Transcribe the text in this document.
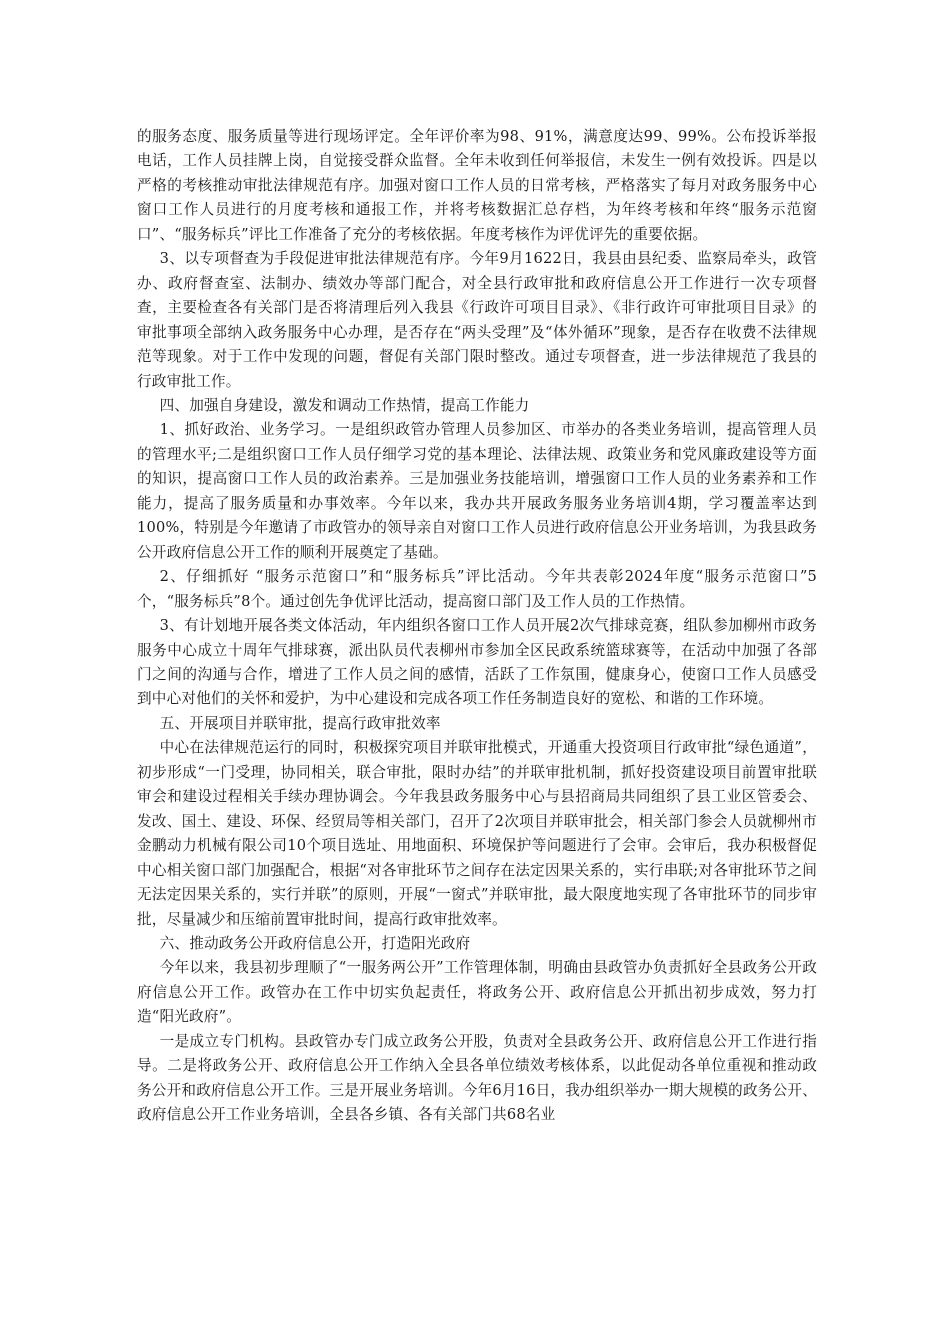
的服务态度、服务质量等进行现场评定。全年评价率为98、91%，满意度达99、99%。公布投诉举报电话，工作人员挂牌上岗，自觉接受群众监督。全年未收到任何举报信，未发生一例有效投诉。四是以严格的考核推动审批法律规范有序。加强对窗口工作人员的日常考核，严格落实了每月对政务服务中心窗口工作人员进行的月度考核和通报工作，并将考核数据汇总存档，为年终考核和年终“服务示范窗口”、“服务标兵”评比工作准备了充分的考核依据。年度考核作为评优评先的重要依据。

3、以专项督查为手段促进审批法律规范有序。今年9月1622日，我县由县纪委、监察局牵头，政管办、政府督查室、法制办、绩效办等部门配合，对全县行政审批和政府信息公开工作进行一次专项督查，主要检查各有关部门是否将清理后列入我县《行政许可项目目录》、《非行政许可审批项目目录》的审批事项全部纳入政务服务中心办理，是否存在“两头受理”及“体外循环”现象，是否存在收费不法律规范等现象。对于工作中发现的问题，督促有关部门限时整改。通过专项督查，进一步法律规范了我县的行政审批工作。

四、加强自身建设，激发和调动工作热情，提高工作能力

1、抓好政治、业务学习。一是组织政管办管理人员参加区、市举办的各类业务培训，提高管理人员的管理水平;二是组织窗口工作人员仔细学习党的基本理论、法律法规、政策业务和党风廉政建设等方面的知识，提高窗口工作人员的政治素养。三是加强业务技能培训，增强窗口工作人员的业务素养和工作能力，提高了服务质量和办事效率。今年以来，我办共开展政务服务业务培训4期，学习覆盖率达到100%，特别是今年邀请了市政管办的领导亲自对窗口工作人员进行政府信息公开业务培训，为我县政务公开政府信息公开工作的顺利开展奠定了基础。

2、仔细抓好 “服务示范窗口”和“服务标兵”评比活动。今年共表彰2024年度“服务示范窗口”5个，“服务标兵”8个。通过创先争优评比活动，提高窗口部门及工作人员的工作热情。

3、有计划地开展各类文体活动，年内组织各窗口工作人员开展2次气排球竞赛，组队参加柳州市政务服务中心成立十周年气排球赛，派出队员代表柳州市参加全区民政系统篮球赛等，在活动中加强了各部门之间的沟通与合作，增进了工作人员之间的感情，活跃了工作氛围，健康身心，使窗口工作人员感受到中心对他们的关怀和爱护，为中心建设和完成各项工作任务制造良好的宽松、和谐的工作环境。

五、开展项目并联审批，提高行政审批效率

中心在法律规范运行的同时，积极探究项目并联审批模式，开通重大投资项目行政审批“绿色通道”，初步形成“一门受理，协同相关，联合审批，限时办结”的并联审批机制，抓好投资建设项目前置审批联审会和建设过程相关手续办理协调会。今年我县政务服务中心与县招商局共同组织了县工业区管委会、发改、国土、建设、环保、经贸局等相关部门，召开了2次项目并联审批会，相关部门参会人员就柳州市金鹏动力机械有限公司10个项目选址、用地面积、环境保护等问题进行了会审。会审后，我办积极督促中心相关窗口部门加强配合，根据“对各审批环节之间存在法定因果关系的，实行串联;对各审批环节之间无法定因果关系的，实行并联”的原则，开展“一窗式”并联审批，最大限度地实现了各审批环节的同步审批，尽量减少和压缩前置审批时间，提高行政审批效率。

六、推动政务公开政府信息公开，打造阳光政府

今年以来，我县初步理顺了“一服务两公开”工作管理体制，明确由县政管办负责抓好全县政务公开政府信息公开工作。政管办在工作中切实负起责任，将政务公开、政府信息公开抓出初步成效，努力打造“阳光政府”。

一是成立专门机构。县政管办专门成立政务公开股，负责对全县政务公开、政府信息公开工作进行指导。二是将政务公开、政府信息公开工作纳入全县各单位绩效考核体系，以此促动各单位重视和推动政务公开和政府信息公开工作。三是开展业务培训。今年6月16日，我办组织举办一期大规模的政务公开、政府信息公开工作业务培训，全县各乡镇、各有关部门共68名业
